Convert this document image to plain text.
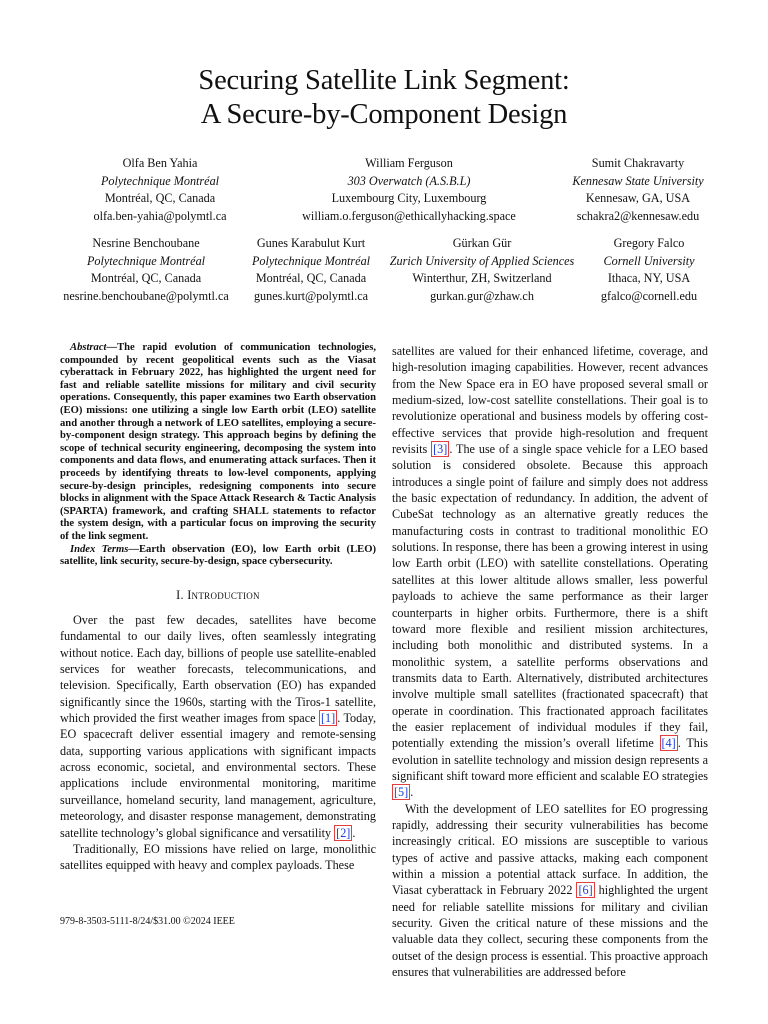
Securing Satellite Link Segment:
A Secure-by-Component Design
Olfa Ben Yahia
Polytechnique Montréal
Montréal, QC, Canada
olfa.ben-yahia@polymtl.ca
William Ferguson
303 Overwatch (A.S.B.L)
Luxembourg City, Luxembourg
william.o.ferguson@ethicallyhacking.space
Sumit Chakravarty
Kennesaw State University
Kennesaw, GA, USA
schakra2@kennesaw.edu
Nesrine Benchoubane
Polytechnique Montréal
Montréal, QC, Canada
nesrine.benchoubane@polymtl.ca
Gunes Karabulut Kurt
Polytechnique Montréal
Montréal, QC, Canada
gunes.kurt@polymtl.ca
Gürkan Gür
Zurich University of Applied Sciences
Winterthur, ZH, Switzerland
gurkan.gur@zhaw.ch
Gregory Falco
Cornell University
Ithaca, NY, USA
gfalco@cornell.edu

Abstract—The rapid evolution of communication technologies, compounded by recent geopolitical events such as the Viasat cyberattack in February 2022, has highlighted the urgent need for fast and reliable satellite missions for military and civil security operations. Consequently, this paper examines two Earth observation (EO) missions: one utilizing a single low Earth orbit (LEO) satellite and another through a network of LEO satellites, employing a secure-by-component design strategy. This approach begins by defining the scope of technical security engineering, decomposing the system into components and data flows, and enumerating attack surfaces. Then it proceeds by identifying threats to low-level components, applying secure-by-design principles, redesigning components into secure blocks in alignment with the Space Attack Research & Tactic Analysis (SPARTA) framework, and crafting SHALL statements to refactor the system design, with a particular focus on improving the security of the link segment.

Index Terms—Earth observation (EO), low Earth orbit (LEO) satellite, link security, secure-by-design, space cybersecurity.

I. Introduction

Over the past few decades, satellites have become fundamental to our daily lives, often seamlessly integrating without notice. Each day, billions of people use satellite-enabled services for weather forecasts, telecommunications, and television. Specifically, Earth observation (EO) has expanded significantly since the 1960s, starting with the Tiros-1 satellite, which provided the first weather images from space [1] . Today, EO spacecraft deliver essential imagery and remote-sensing data, supporting various applications with significant impacts across economic, societal, and environmental sectors. These applications include environmental monitoring, maritime surveillance, homeland security, land management, agriculture, meteorology, and disaster response management, demonstrating satellite technology’s global significance and versatility [2] .

Traditionally, EO missions have relied on large, monolithic satellites equipped with heavy and complex payloads. These

satellites are valued for their enhanced lifetime, coverage, and high-resolution imaging capabilities. However, recent advances from the New Space era in EO have proposed several small or medium-sized, low-cost satellite constellations. Their goal is to revolutionize operational and business models by offering cost-effective services that provide high-resolution and frequent revisits [3] . The use of a single space vehicle for a LEO based solution is considered obsolete. Because this approach introduces a single point of failure and simply does not address the basic expectation of redundancy. In addition, the advent of CubeSat technology as an alternative greatly reduces the manufacturing costs in contrast to traditional monolithic EO solutions. In response, there has been a growing interest in using low Earth orbit (LEO) with satellite constellations. Operating satellites at this lower altitude allows smaller, less powerful payloads to achieve the same performance as their larger counterparts in higher orbits. Furthermore, there is a shift toward more flexible and resilient mission architectures, including both monolithic and distributed systems. In a monolithic system, a satellite performs observations and transmits data to Earth. Alternatively, distributed architectures involve multiple small satellites (fractionated spacecraft) that operate in coordination. This fractionated approach facilitates the easier replacement of individual modules if they fail, potentially extending the mission’s overall lifetime [4] . This evolution in satellite technology and mission design represents a significant shift toward more efficient and scalable EO strategies [5] .

With the development of LEO satellites for EO progressing rapidly, addressing their security vulnerabilities has become increasingly critical. EO missions are susceptible to various types of active and passive attacks, making each component within a mission a potential attack surface. In addition, the Viasat cyberattack in February 2022 [6] highlighted the urgent need for reliable satellite missions for military and civilian security. Given the critical nature of these missions and the valuable data they collect, securing these components from the outset of the design process is essential. This proactive approach ensures that vulnerabilities are addressed before

979-8-3503-5111-8/24/$31.00 ©2024 IEEE
